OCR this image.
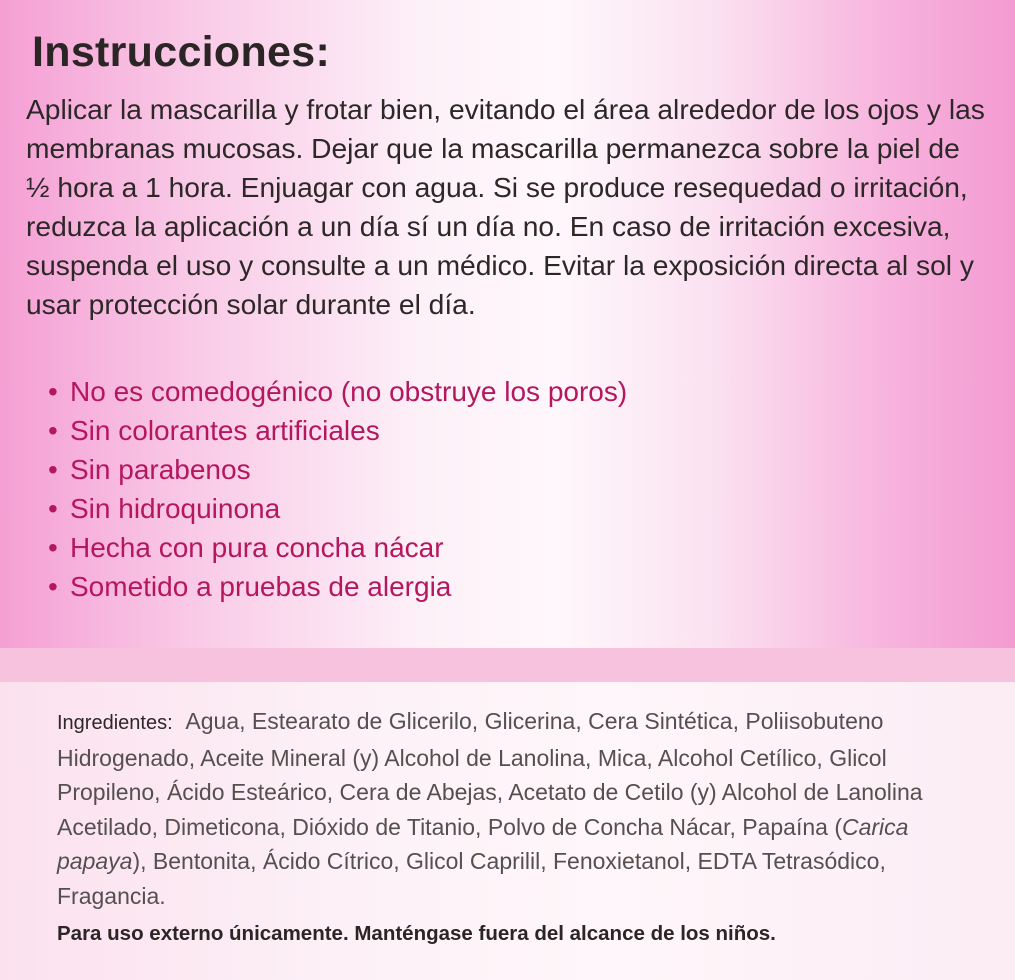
Instrucciones:

Aplicar la mascarilla y frotar bien, evitando el área alrededor de los ojos y las membranas mucosas. Dejar que la mascarilla permanezca sobre la piel de ½ hora a 1 hora. Enjuagar con agua. Si se produce resequedad o irritación, reduzca la aplicación a un día sí un día no. En caso de irritación excesiva, suspenda el uso y consulte a un médico. Evitar la exposición directa al sol y usar protección solar durante el día.

• No es comedogénico (no obstruye los poros)
• Sin colorantes artificiales
• Sin parabenos
• Sin hidroquinona
• Hecha con pura concha nácar
• Sometido a pruebas de alergia

Ingredientes: Agua, Estearato de Glicerilo, Glicerina, Cera Sintética, Poliisobuteno Hidrogenado, Aceite Mineral (y) Alcohol de Lanolina, Mica, Alcohol Cetílico, Glicol Propileno, Ácido Esteárico, Cera de Abejas, Acetato de Cetilo (y) Alcohol de Lanolina Acetilado, Dimeticona, Dióxido de Titanio, Polvo de Concha Nácar, Papaína (Carica papaya), Bentonita, Ácido Cítrico, Glicol Caprilil, Fenoxietanol, EDTA Tetrasódico, Fragancia.

Para uso externo únicamente. Manténgase fuera del alcance de los niños.
